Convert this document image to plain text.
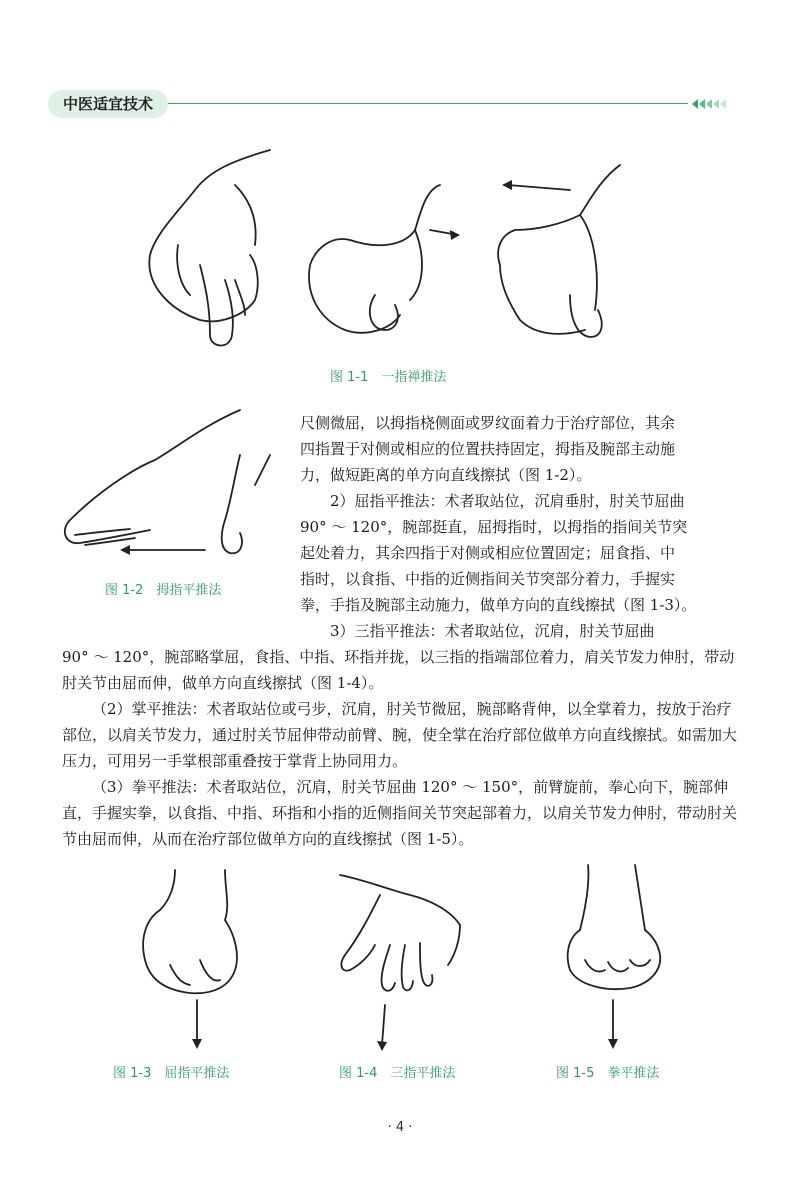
中医适宜技术
图 1-1　一指禅推法
图 1-2　拇指平推法

尺侧微屈，以拇指桡侧面或罗纹面着力于治疗部位，其余

四指置于对侧或相应的位置扶持固定，拇指及腕部主动施

力，做短距离的单方向直线擦拭（图 1-2）。

2）屈指平推法：术者取站位，沉肩垂肘，肘关节屈曲

90° ～ 120°，腕部挺直，屈拇指时，以拇指的指间关节突

起处着力，其余四指于对侧或相应位置固定；屈食指、中

指时，以食指、中指的近侧指间关节突部分着力，手握实

拳，手指及腕部主动施力，做单方向的直线擦拭（图 1-3）。

3）三指平推法：术者取站位，沉肩，肘关节屈曲

90° ～ 120°，腕部略掌屈，食指、中指、环指并拢，以三指的指端部位着力，肩关节发力伸肘，带动肘关节由屈而伸，做单方向直线擦拭（图 1-4）。

（2）掌平推法：术者取站位或弓步，沉肩，肘关节微屈，腕部略背伸，以全掌着力，按放于治疗部位，以肩关节发力，通过肘关节屈伸带动前臂、腕，使全掌在治疗部位做单方向直线擦拭。如需加大压力，可用另一手掌根部重叠按于掌背上协同用力。

（3）拳平推法：术者取站位，沉肩，肘关节屈曲 120° ～ 150°，前臂旋前，拳心向下，腕部伸直，手握实拳，以食指、中指、环指和小指的近侧指间关节突起部着力，以肩关节发力伸肘，带动肘关节由屈而伸，从而在治疗部位做单方向的直线擦拭（图 1-5）。

图 1-3　屈指平推法	图 1-4　三指平推法	图 1-5　拳平推法
· 4 ·
